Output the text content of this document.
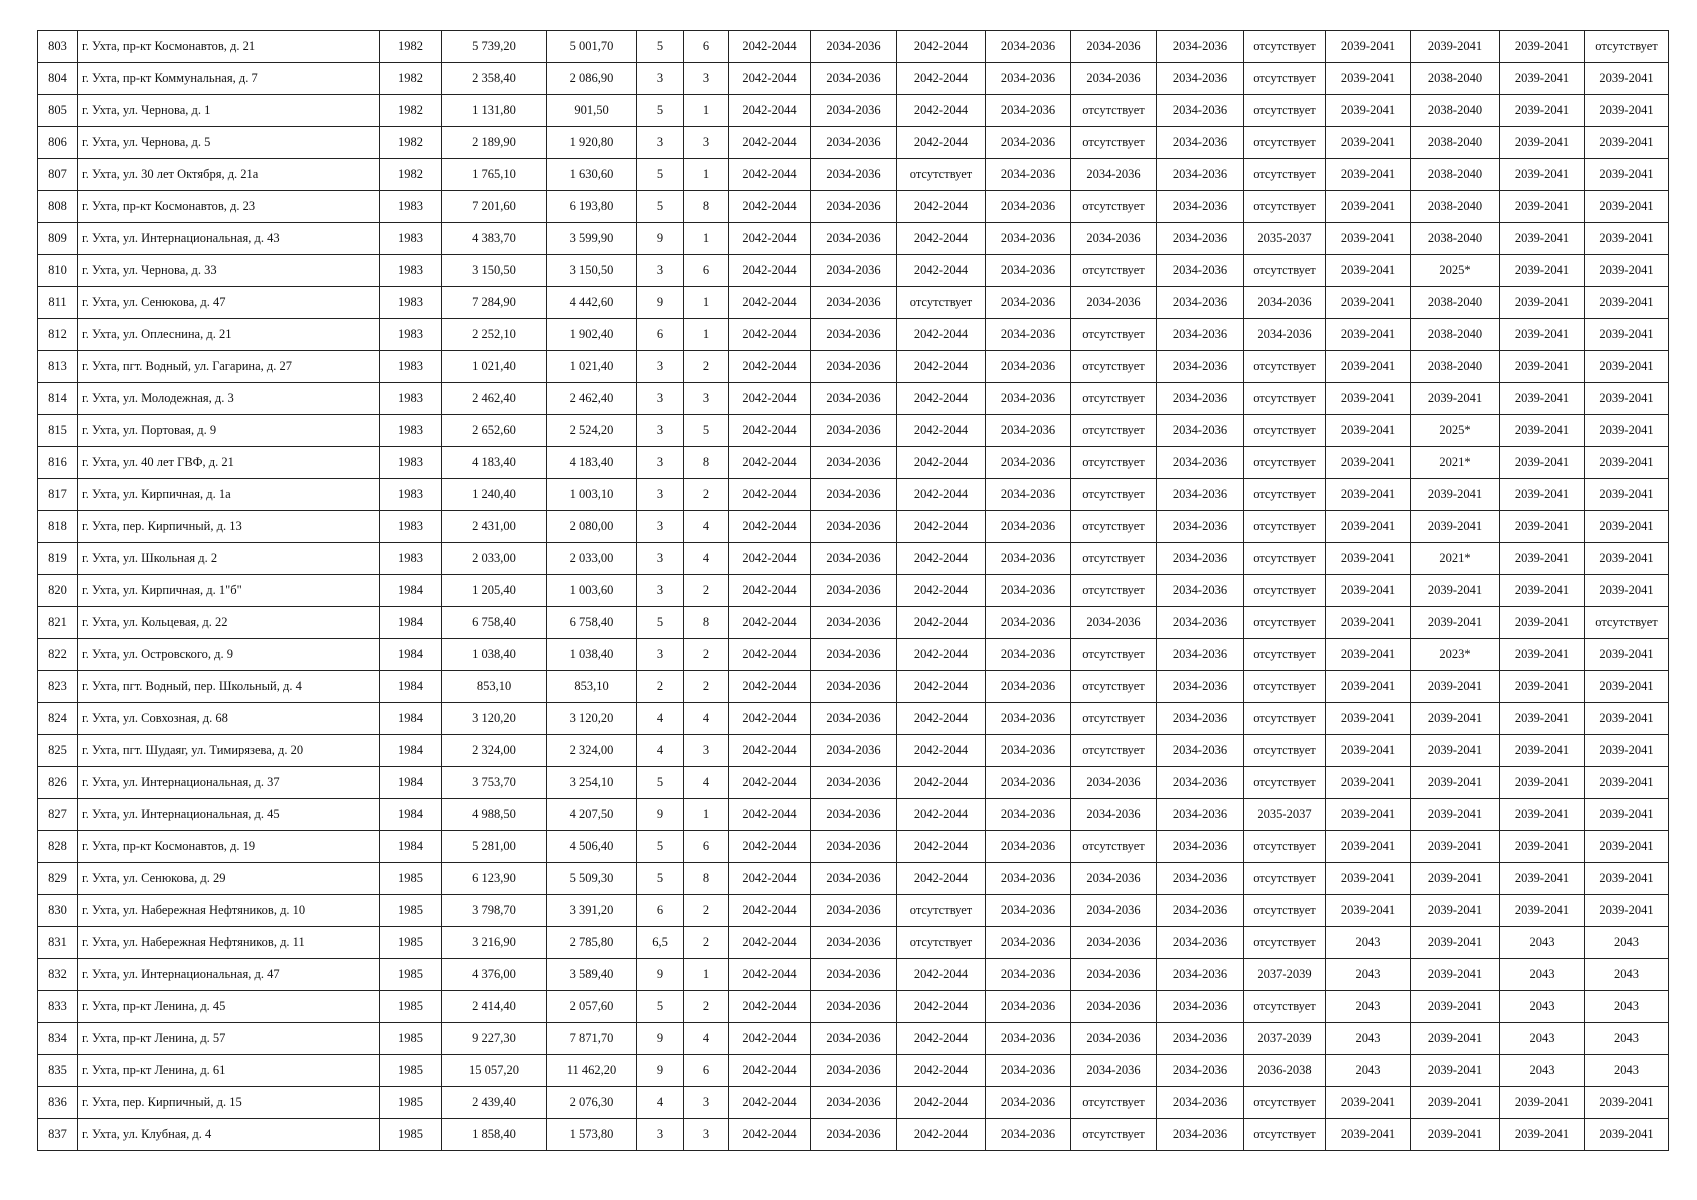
803	г. Ухта, пр-кт Космонавтов, д. 21	1982	5 739,20	5 001,70	5	6	2042-2044	2034-2036	2042-2044	2034-2036	2034-2036	2034-2036	отсутствует	2039-2041	2039-2041	2039-2041	отсутствует
804	г. Ухта, пр-кт Коммунальная, д. 7	1982	2 358,40	2 086,90	3	3	2042-2044	2034-2036	2042-2044	2034-2036	2034-2036	2034-2036	отсутствует	2039-2041	2038-2040	2039-2041	2039-2041
805	г. Ухта, ул. Чернова, д. 1	1982	1 131,80	901,50	5	1	2042-2044	2034-2036	2042-2044	2034-2036	отсутствует	2034-2036	отсутствует	2039-2041	2038-2040	2039-2041	2039-2041
806	г. Ухта, ул. Чернова, д. 5	1982	2 189,90	1 920,80	3	3	2042-2044	2034-2036	2042-2044	2034-2036	отсутствует	2034-2036	отсутствует	2039-2041	2038-2040	2039-2041	2039-2041
807	г. Ухта, ул. 30 лет Октября, д. 21а	1982	1 765,10	1 630,60	5	1	2042-2044	2034-2036	отсутствует	2034-2036	2034-2036	2034-2036	отсутствует	2039-2041	2038-2040	2039-2041	2039-2041
808	г. Ухта, пр-кт Космонавтов, д. 23	1983	7 201,60	6 193,80	5	8	2042-2044	2034-2036	2042-2044	2034-2036	отсутствует	2034-2036	отсутствует	2039-2041	2038-2040	2039-2041	2039-2041
809	г. Ухта, ул. Интернациональная, д. 43	1983	4 383,70	3 599,90	9	1	2042-2044	2034-2036	2042-2044	2034-2036	2034-2036	2034-2036	2035-2037	2039-2041	2038-2040	2039-2041	2039-2041
810	г. Ухта, ул. Чернова, д. 33	1983	3 150,50	3 150,50	3	6	2042-2044	2034-2036	2042-2044	2034-2036	отсутствует	2034-2036	отсутствует	2039-2041	2025*	2039-2041	2039-2041
811	г. Ухта, ул. Сенюкова, д. 47	1983	7 284,90	4 442,60	9	1	2042-2044	2034-2036	отсутствует	2034-2036	2034-2036	2034-2036	2034-2036	2039-2041	2038-2040	2039-2041	2039-2041
812	г. Ухта, ул. Оплеснина, д. 21	1983	2 252,10	1 902,40	6	1	2042-2044	2034-2036	2042-2044	2034-2036	отсутствует	2034-2036	2034-2036	2039-2041	2038-2040	2039-2041	2039-2041
813	г. Ухта, пгт. Водный, ул. Гагарина, д. 27	1983	1 021,40	1 021,40	3	2	2042-2044	2034-2036	2042-2044	2034-2036	отсутствует	2034-2036	отсутствует	2039-2041	2038-2040	2039-2041	2039-2041
814	г. Ухта, ул. Молодежная, д. 3	1983	2 462,40	2 462,40	3	3	2042-2044	2034-2036	2042-2044	2034-2036	отсутствует	2034-2036	отсутствует	2039-2041	2039-2041	2039-2041	2039-2041
815	г. Ухта, ул. Портовая, д. 9	1983	2 652,60	2 524,20	3	5	2042-2044	2034-2036	2042-2044	2034-2036	отсутствует	2034-2036	отсутствует	2039-2041	2025*	2039-2041	2039-2041
816	г. Ухта, ул. 40 лет ГВФ, д. 21	1983	4 183,40	4 183,40	3	8	2042-2044	2034-2036	2042-2044	2034-2036	отсутствует	2034-2036	отсутствует	2039-2041	2021*	2039-2041	2039-2041
817	г. Ухта, ул. Кирпичная, д. 1а	1983	1 240,40	1 003,10	3	2	2042-2044	2034-2036	2042-2044	2034-2036	отсутствует	2034-2036	отсутствует	2039-2041	2039-2041	2039-2041	2039-2041
818	г. Ухта, пер. Кирпичный, д. 13	1983	2 431,00	2 080,00	3	4	2042-2044	2034-2036	2042-2044	2034-2036	отсутствует	2034-2036	отсутствует	2039-2041	2039-2041	2039-2041	2039-2041
819	г. Ухта, ул. Школьная д. 2	1983	2 033,00	2 033,00	3	4	2042-2044	2034-2036	2042-2044	2034-2036	отсутствует	2034-2036	отсутствует	2039-2041	2021*	2039-2041	2039-2041
820	г. Ухта, ул. Кирпичная, д. 1"б"	1984	1 205,40	1 003,60	3	2	2042-2044	2034-2036	2042-2044	2034-2036	отсутствует	2034-2036	отсутствует	2039-2041	2039-2041	2039-2041	2039-2041
821	г. Ухта, ул. Кольцевая, д. 22	1984	6 758,40	6 758,40	5	8	2042-2044	2034-2036	2042-2044	2034-2036	2034-2036	2034-2036	отсутствует	2039-2041	2039-2041	2039-2041	отсутствует
822	г. Ухта, ул. Островского, д. 9	1984	1 038,40	1 038,40	3	2	2042-2044	2034-2036	2042-2044	2034-2036	отсутствует	2034-2036	отсутствует	2039-2041	2023*	2039-2041	2039-2041
823	г. Ухта, пгт. Водный, пер. Школьный, д. 4	1984	853,10	853,10	2	2	2042-2044	2034-2036	2042-2044	2034-2036	отсутствует	2034-2036	отсутствует	2039-2041	2039-2041	2039-2041	2039-2041
824	г. Ухта, ул. Совхозная, д. 68	1984	3 120,20	3 120,20	4	4	2042-2044	2034-2036	2042-2044	2034-2036	отсутствует	2034-2036	отсутствует	2039-2041	2039-2041	2039-2041	2039-2041
825	г. Ухта, пгт. Шудаяг, ул. Тимирязева, д. 20	1984	2 324,00	2 324,00	4	3	2042-2044	2034-2036	2042-2044	2034-2036	отсутствует	2034-2036	отсутствует	2039-2041	2039-2041	2039-2041	2039-2041
826	г. Ухта, ул. Интернациональная, д. 37	1984	3 753,70	3 254,10	5	4	2042-2044	2034-2036	2042-2044	2034-2036	2034-2036	2034-2036	отсутствует	2039-2041	2039-2041	2039-2041	2039-2041
827	г. Ухта, ул. Интернациональная, д. 45	1984	4 988,50	4 207,50	9	1	2042-2044	2034-2036	2042-2044	2034-2036	2034-2036	2034-2036	2035-2037	2039-2041	2039-2041	2039-2041	2039-2041
828	г. Ухта, пр-кт Космонавтов, д. 19	1984	5 281,00	4 506,40	5	6	2042-2044	2034-2036	2042-2044	2034-2036	отсутствует	2034-2036	отсутствует	2039-2041	2039-2041	2039-2041	2039-2041
829	г. Ухта, ул. Сенюкова, д. 29	1985	6 123,90	5 509,30	5	8	2042-2044	2034-2036	2042-2044	2034-2036	2034-2036	2034-2036	отсутствует	2039-2041	2039-2041	2039-2041	2039-2041
830	г. Ухта, ул. Набережная Нефтяников, д. 10	1985	3 798,70	3 391,20	6	2	2042-2044	2034-2036	отсутствует	2034-2036	2034-2036	2034-2036	отсутствует	2039-2041	2039-2041	2039-2041	2039-2041
831	г. Ухта, ул. Набережная Нефтяников, д. 11	1985	3 216,90	2 785,80	6,5	2	2042-2044	2034-2036	отсутствует	2034-2036	2034-2036	2034-2036	отсутствует	2043	2039-2041	2043	2043
832	г. Ухта, ул. Интернациональная, д. 47	1985	4 376,00	3 589,40	9	1	2042-2044	2034-2036	2042-2044	2034-2036	2034-2036	2034-2036	2037-2039	2043	2039-2041	2043	2043
833	г. Ухта, пр-кт Ленина, д. 45	1985	2 414,40	2 057,60	5	2	2042-2044	2034-2036	2042-2044	2034-2036	2034-2036	2034-2036	отсутствует	2043	2039-2041	2043	2043
834	г. Ухта, пр-кт Ленина, д. 57	1985	9 227,30	7 871,70	9	4	2042-2044	2034-2036	2042-2044	2034-2036	2034-2036	2034-2036	2037-2039	2043	2039-2041	2043	2043
835	г. Ухта, пр-кт Ленина, д. 61	1985	15 057,20	11 462,20	9	6	2042-2044	2034-2036	2042-2044	2034-2036	2034-2036	2034-2036	2036-2038	2043	2039-2041	2043	2043
836	г. Ухта, пер. Кирпичный, д. 15	1985	2 439,40	2 076,30	4	3	2042-2044	2034-2036	2042-2044	2034-2036	отсутствует	2034-2036	отсутствует	2039-2041	2039-2041	2039-2041	2039-2041
837	г. Ухта, ул. Клубная, д. 4	1985	1 858,40	1 573,80	3	3	2042-2044	2034-2036	2042-2044	2034-2036	отсутствует	2034-2036	отсутствует	2039-2041	2039-2041	2039-2041	2039-2041
